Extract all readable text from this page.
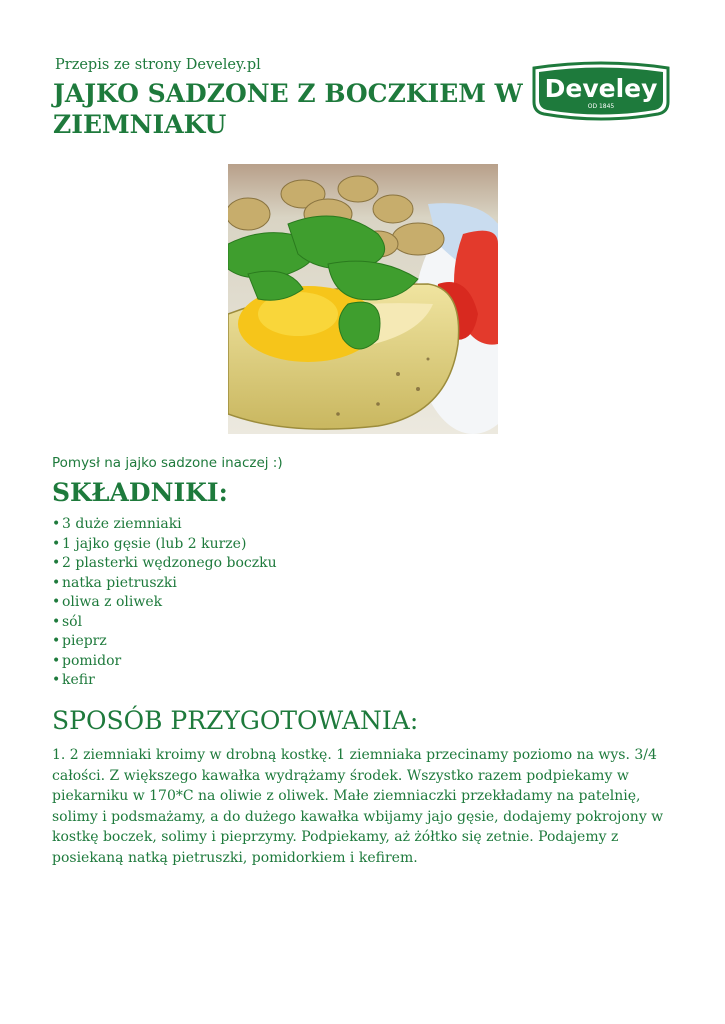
Przepis ze strony Develey.pl
JAJKO SADZONE Z BOCZKIEM W ZIEMNIAKU
Develey
OD 1845
Pomysł na jajko sadzone inaczej :)
SKŁADNIKI:
• 3 duże ziemniaki
• 1 jajko gęsie (lub 2 kurze)
• 2 plasterki wędzonego boczku
• natka pietruszki
• oliwa z oliwek
• sól
• pieprz
• pomidor
• kefir
SPOSÓB PRZYGOTOWANIA:

1. 2 ziemniaki kroimy w drobną kostkę. 1 ziemniaka przecinamy poziomo na wys. 3/4 całości. Z większego kawałka wydrążamy środek. Wszystko razem podpiekamy w piekarniku w 170*C na oliwie z oliwek. Małe ziemniaczki przekładamy na patelnię, solimy i podsmażamy, a do dużego kawałka wbijamy jajo gęsie, dodajemy pokrojony w kostkę boczek, solimy i pieprzymy. Podpiekamy, aż żółtko się zetnie. Podajemy z posiekaną natką pietruszki, pomidorkiem i kefirem.
